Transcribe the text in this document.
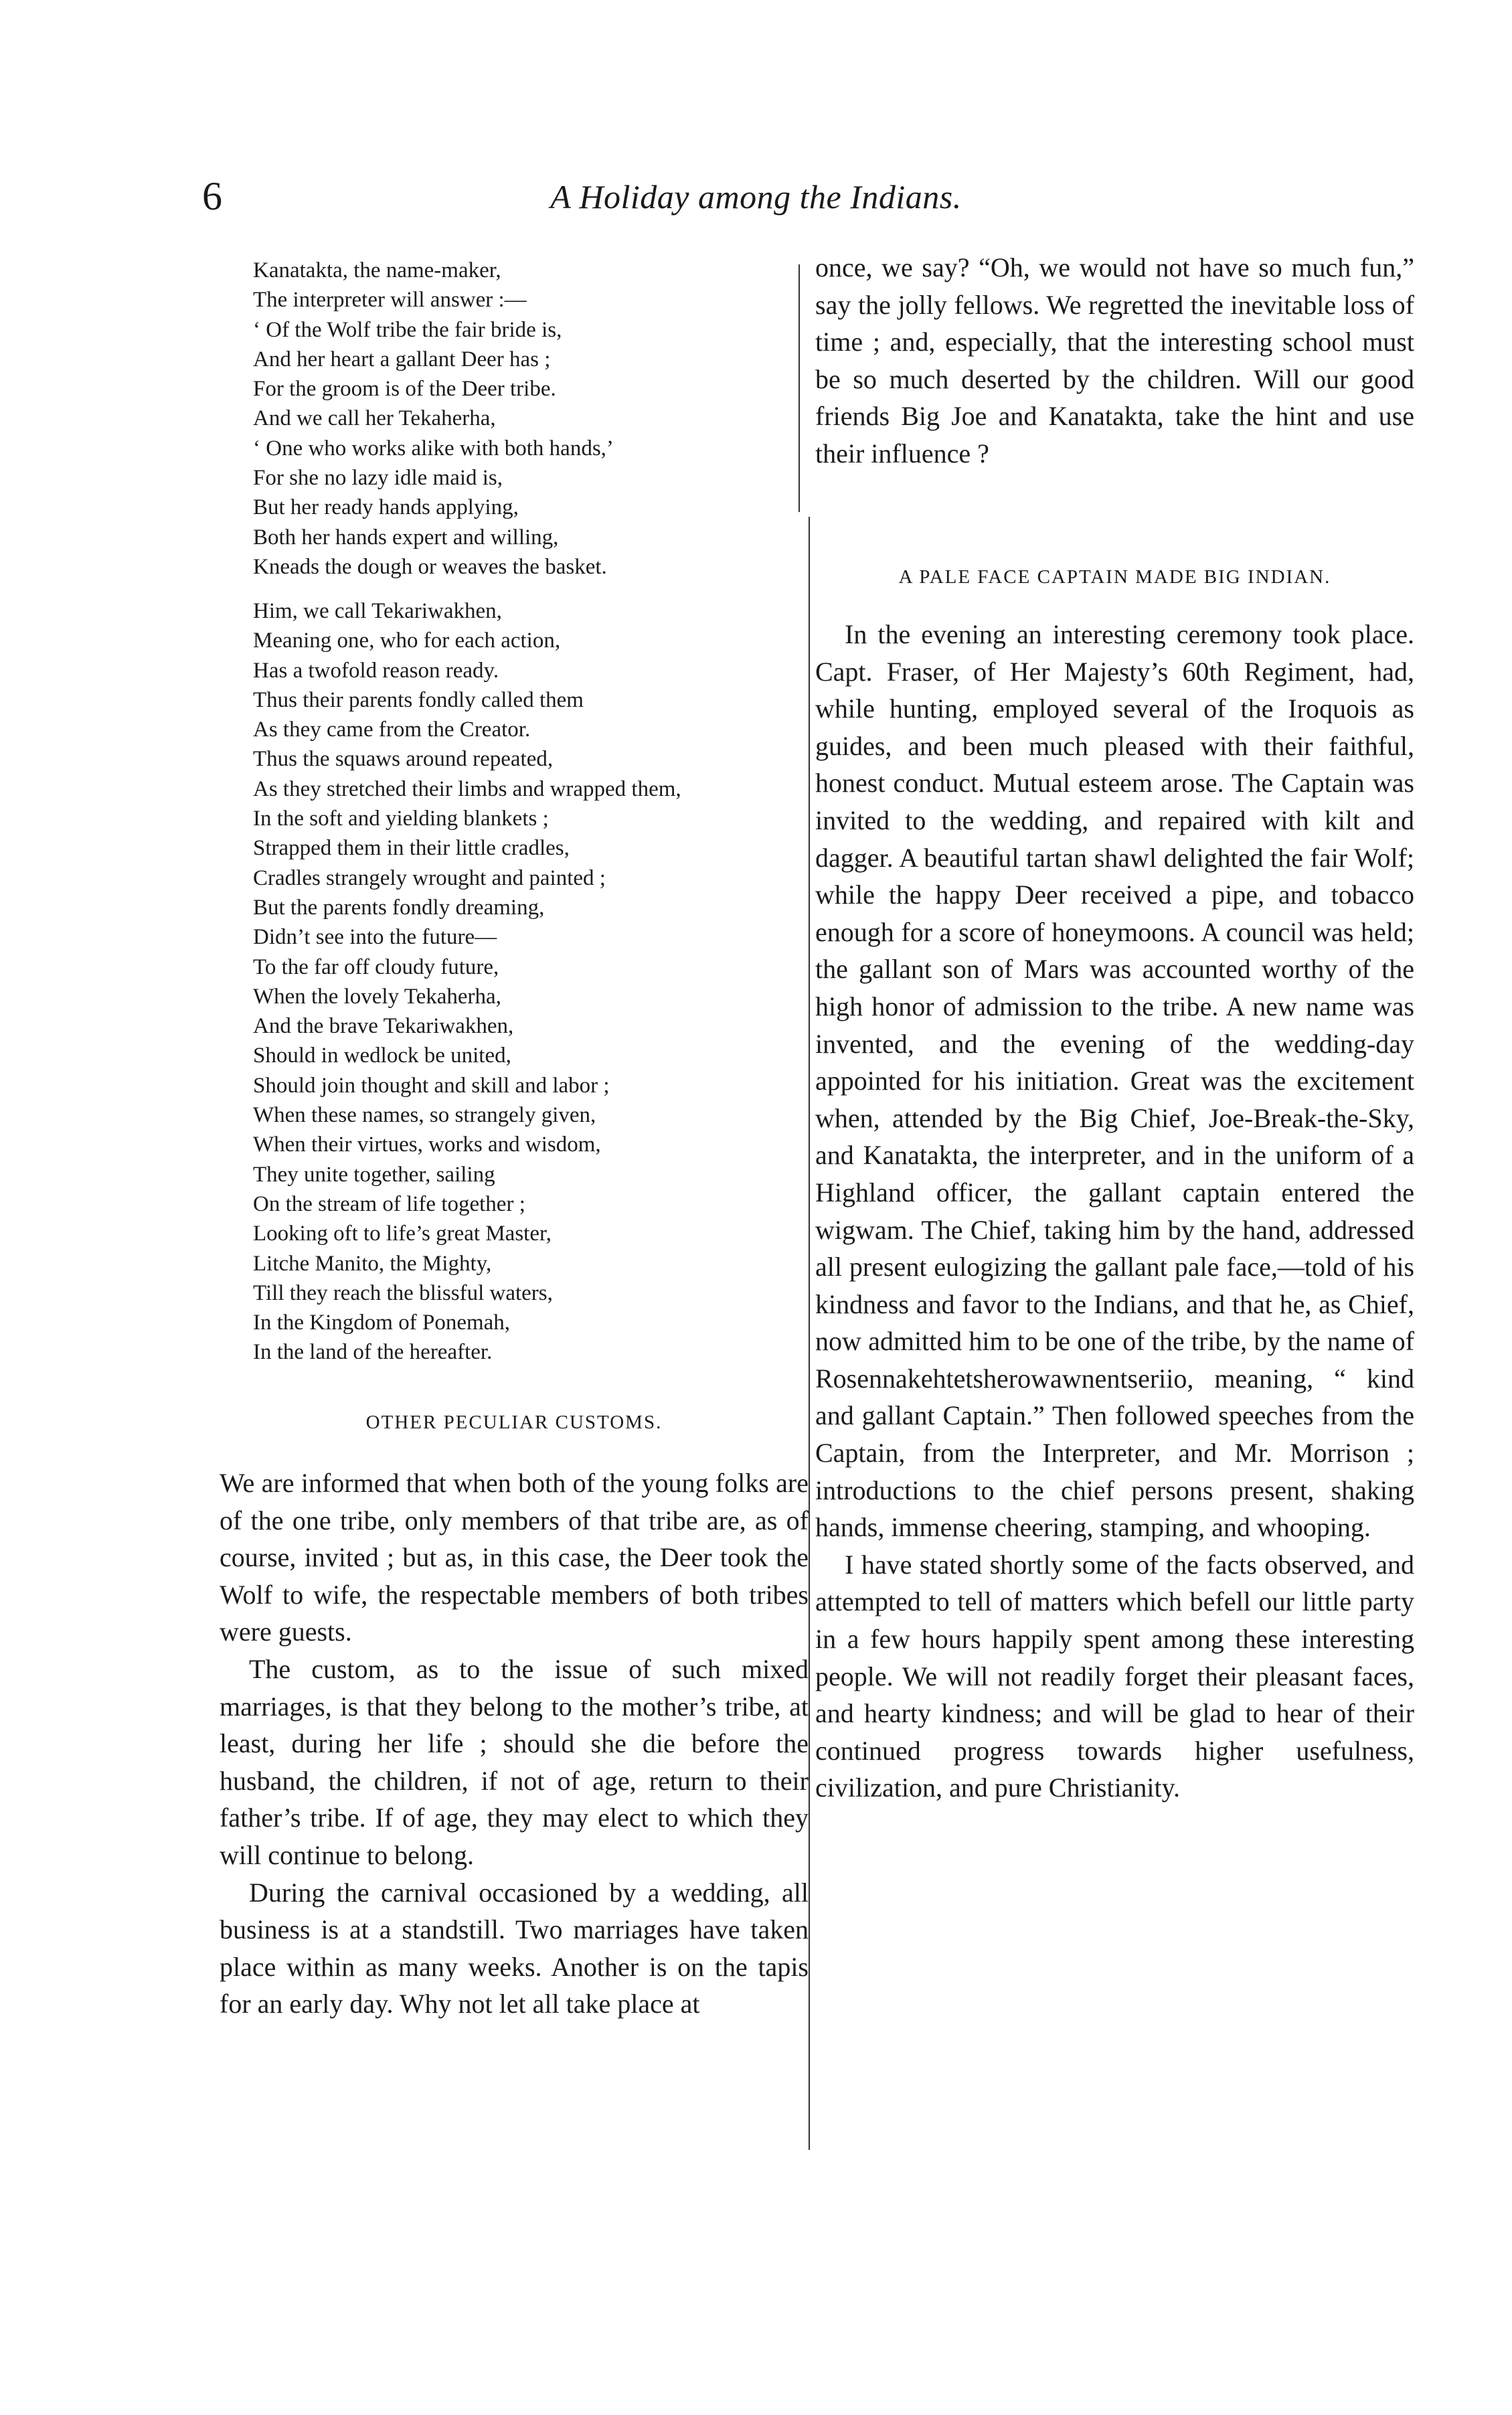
6	A Holiday among the Indians.
Kanatakta, the name-maker,
The interpreter will answer :—
‘ Of the Wolf tribe the fair bride is,
And her heart a gallant Deer has ;
For the groom is of the Deer tribe.
And we call her Tekaherha,
‘ One who works alike with both hands,’
For she no lazy idle maid is,
But her ready hands applying,
Both her hands expert and willing,
Kneads the dough or weaves the basket.
Him, we call Tekariwakhen,
Meaning one, who for each action,
Has a twofold reason ready.
Thus their parents fondly called them
As they came from the Creator.
Thus the squaws around repeated,
As they stretched their limbs and wrapped them,
In the soft and yielding blankets ;
Strapped them in their little cradles,
Cradles strangely wrought and painted ;
But the parents fondly dreaming,
Didn’t see into the future—
To the far off cloudy future,
When the lovely Tekaherha,
And the brave Tekariwakhen,
Should in wedlock be united,
Should join thought and skill and labor ;
When these names, so strangely given,
When their virtues, works and wisdom,
They unite together, sailing
On the stream of life together ;
Looking oft to life’s great Master,
Litche Manito, the Mighty,
Till they reach the blissful waters,
In the Kingdom of Ponemah,
In the land of the hereafter.
OTHER PECULIAR CUSTOMS.

We are informed that when both of the young folks are of the one tribe, only members of that tribe are, as of course, invited ; but as, in this case, the Deer took the Wolf to wife, the respectable members of both tribes were guests.

The custom, as to the issue of such mixed marriages, is that they belong to the mother’s tribe, at least, during her life ; should she die before the husband, the children, if not of age, return to their father’s tribe. If of age, they may elect to which they will continue to belong.

During the carnival occasioned by a wedding, all business is at a standstill. Two marriages have taken place within as many weeks. Another is on the tapis for an early day. Why not let all take place at

once, we say? “Oh, we would not have so much fun,” say the jolly fellows. We regretted the inevitable loss of time ; and, especially, that the interesting school must be so much deserted by the children. Will our good friends Big Joe and Kanatakta, take the hint and use their influence ?

A PALE FACE CAPTAIN MADE BIG INDIAN.

In the evening an interesting ceremony took place. Capt. Fraser, of Her Majesty’s 60th Regiment, had, while hunting, employed several of the Iroquois as guides, and been much pleased with their faithful, honest conduct. Mutual esteem arose. The Captain was invited to the wedding, and repaired with kilt and dagger. A beautiful tartan shawl delighted the fair Wolf; while the happy Deer received a pipe, and tobacco enough for a score of honeymoons. A council was held; the gallant son of Mars was accounted worthy of the high honor of admission to the tribe. A new name was invented, and the evening of the wedding-day appointed for his initiation. Great was the excitement when, attended by the Big Chief, Joe-Break-the-Sky, and Kanatakta, the interpreter, and in the uniform of a Highland officer, the gallant captain entered the wigwam. The Chief, taking him by the hand, addressed all present eulogizing the gallant pale face,—told of his kindness and favor to the Indians, and that he, as Chief, now admitted him to be one of the tribe, by the name of Rosennakehtetsherowawnentseriio, meaning, “ kind and gallant Captain.” Then followed speeches from the Captain, from the Interpreter, and Mr. Morrison ; introductions to the chief persons present, shaking hands, immense cheering, stamping, and whooping.

I have stated shortly some of the facts observed, and attempted to tell of matters which befell our little party in a few hours happily spent among these interesting people. We will not readily forget their pleasant faces, and hearty kindness; and will be glad to hear of their continued progress towards higher usefulness, civilization, and pure Christianity.
